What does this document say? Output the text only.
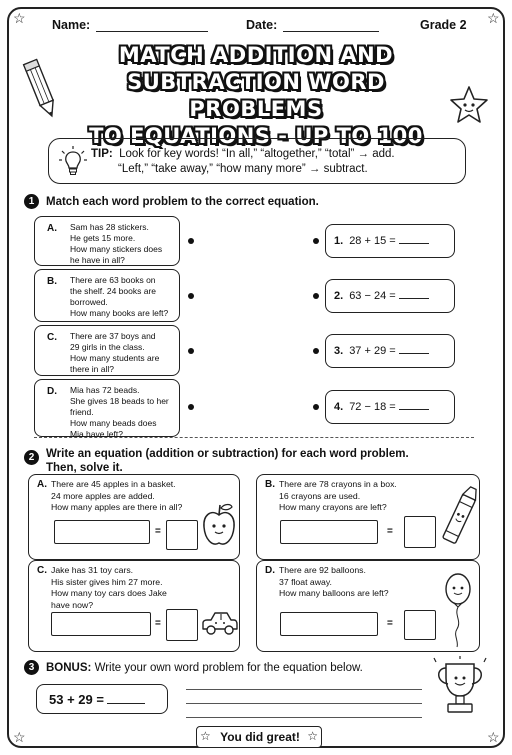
☆	☆
☆	☆
Name:	Date:	Grade 2
MATCH ADDITION AND
SUBTRACTION WORD PROBLEMS
TO EQUATIONS - UP TO 100
TIP: Look for key words! “In all,” “altogether,” “total” → add.
“Left,” “take away,” “how many more” → subtract.
1	Match each word problem to the correct equation.
A. Sam has 28 stickers.
He gets 15 more.
How many stickers does
he have in all?
B. There are 63 books on
the shelf. 24 books are
borrowed.
How many books are left?
C. There are 37 boys and
29 girls in the class.
How many students are
there in all?
D. Mia has 72 beads.
She gives 18 beads to her
friend.
How many beads does
Mia have left?
1. 28 + 15 =
2. 63 − 24 =
3. 37 + 29 =
4. 72 − 18 =
2	Write an equation (addition or subtraction) for each word problem.
Then, solve it.
A. There are 45 apples in a basket.
24 more apples are added.
How many apples are there in all?
=
B. There are 78 crayons in a box.
16 crayons are used.
How many crayons are left?
=
C. Jake has 31 toy cars.
His sister gives him 27 more.
How many toy cars does Jake
have now?
=
D. There are 92 balloons.
37 float away.
How many balloons are left?
=
3	BONUS: Write your own word problem for the equation below.
53 + 29 =
☆ You did great! ☆
